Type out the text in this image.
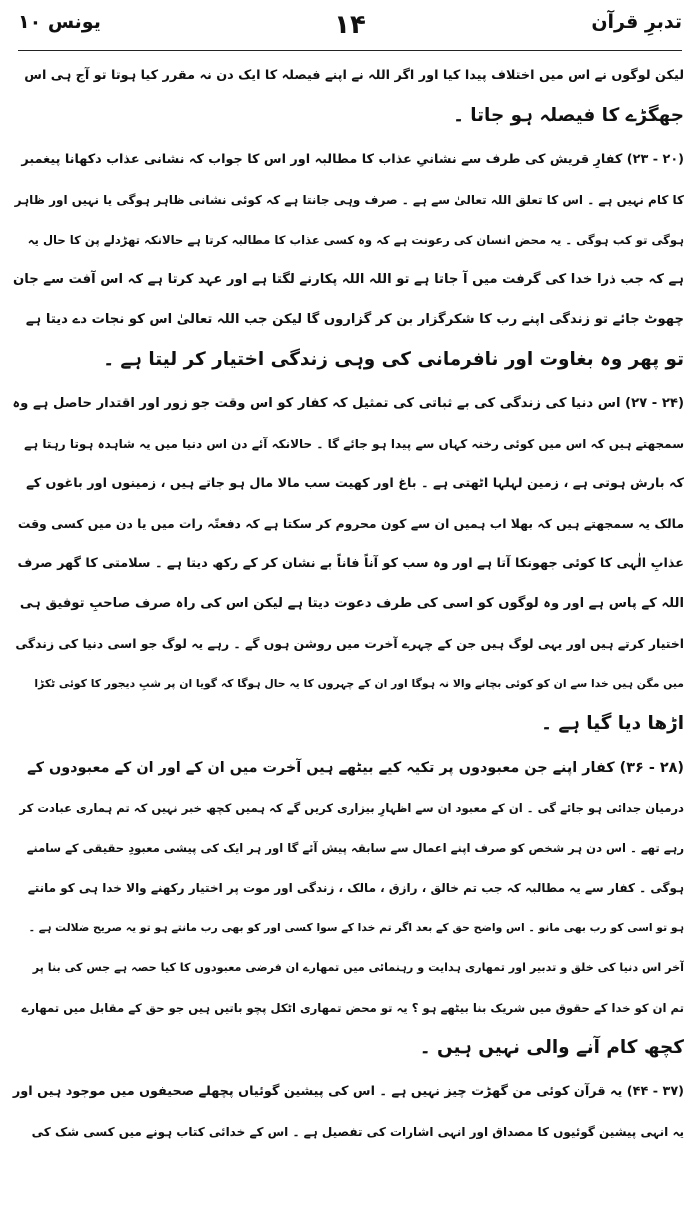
تدبرِ قرآن
۱۴
یونس ۱۰
لیکن لوگوں نے اس میں اختلاف پیدا کیا اور اگر اللہ نے اپنے فیصلہ کا ایک دن نہ مقرر کیا ہوتا تو آج ہی اس
جھگڑے کا فیصلہ ہو جاتا ۔
(۲۰ - ۲۳) کفارِ قریش کی طرف سے نشانیِ عذاب کا مطالبہ اور اس کا جواب کہ نشانی عذاب دکھانا پیغمبر
کا کام نہیں ہے ۔ اس کا تعلق اللہ تعالیٰ سے ہے ۔ صرف وہی جانتا ہے کہ کوئی نشانی ظاہر ہوگی یا نہیں اور ظاہر
ہوگی تو کب ہوگی ۔ یہ محض انسان کی رعونت ہے کہ وہ کسی عذاب کا مطالبہ کرتا ہے حالانکہ تھڑدلے پن کا حال یہ
ہے کہ جب ذرا خدا کی گرفت میں آ جاتا ہے تو اللہ اللہ پکارنے لگتا ہے اور عہد کرتا ہے کہ اس آفت سے جان
چھوٹ جائے تو زندگی اپنے رب کا شکرگزار بن کر گزاروں گا لیکن جب اللہ تعالیٰ اس کو نجات دے دیتا ہے
تو پھر وہ بغاوت اور نافرمانی کی وہی زندگی اختیار کر لیتا ہے ۔
(۲۴ - ۲۷) اس دنیا کی زندگی کی بے ثباتی کی تمثیل کہ کفار کو اس وقت جو زور اور اقتدار حاصل ہے وہ
سمجھتے ہیں کہ اس میں کوئی رخنہ کہاں سے پیدا ہو جائے گا ۔ حالانکہ آئے دن اس دنیا میں یہ شاہدہ ہوتا رہتا ہے
کہ بارش ہوتی ہے ، زمین لہلہا اٹھتی ہے ۔ باغ اور کھیت سب مالا مال ہو جاتے ہیں ، زمینوں اور باغوں کے
مالک یہ سمجھتے ہیں کہ بھلا اب ہمیں ان سے کون محروم کر سکتا ہے کہ دفعتًہ رات میں یا دن میں کسی وقت
عذابِ الٰہی کا کوئی جھونکا آتا ہے اور وہ سب کو آناً فاناً بے نشان کر کے رکھ دیتا ہے ۔ سلامتی کا گھر صرف
اللہ کے پاس ہے اور وہ لوگوں کو اسی کی طرف دعوت دیتا ہے لیکن اس کی راہ صرف صاحبِ توفیق ہی
اختیار کرتے ہیں اور یہی لوگ ہیں جن کے چہرے آخرت میں روشن ہوں گے ۔ رہے یہ لوگ جو اسی دنیا کی زندگی
میں مگن ہیں خدا سے ان کو کوئی بچانے والا نہ ہوگا اور ان کے چہروں کا یہ حال ہوگا کہ گویا ان پر شبِ دیجور کا کوئی ٹکڑا
اڑھا دیا گیا ہے ۔
(۲۸ - ۳۶) کفار اپنے جن معبودوں پر تکیہ کیے بیٹھے ہیں آخرت میں ان کے اور ان کے معبودوں کے
درمیان جدائی ہو جائے گی ۔ ان کے معبود ان سے اظہارِ بیزاری کریں گے کہ ہمیں کچھ خبر نہیں کہ تم ہماری عبادت کر
رہے تھے ۔ اس دن ہر شخص کو صرف اپنے اعمال سے سابقہ پیش آئے گا اور ہر ایک کی پیشی معبودِ حقیقی کے سامنے
ہوگی ۔ کفار سے یہ مطالبہ کہ جب تم خالق ، رازق ، مالک ، زندگی اور موت پر اختیار رکھنے والا خدا ہی کو مانتے
ہو تو اسی کو رب بھی مانو ۔ اس واضح حق کے بعد اگر تم خدا کے سوا کسی اور کو بھی رب مانتے ہو تو یہ صریح ضلالت ہے ۔
آخر اس دنیا کی خلق و تدبیر اور تمھاری ہدایت و رہنمائی میں تمھارے ان فرضی معبودوں کا کیا حصہ ہے جس کی بنا پر
تم ان کو خدا کے حقوق میں شریک بنا بیٹھے ہو ؟ یہ تو محض تمھاری اٹکل پچو باتیں ہیں جو حق کے مقابل میں تمھارے
کچھ کام آنے والی نہیں ہیں ۔
(۳۷ - ۴۴) یہ قرآن کوئی من گھڑت چیز نہیں ہے ۔ اس کی پیشین گوئیاں پچھلے صحیفوں میں موجود ہیں اور
یہ انہی پیشین گوئیوں کا مصداق اور انہی اشارات کی تفصیل ہے ۔ اس کے خدائی کتاب ہونے میں کسی شک کی
